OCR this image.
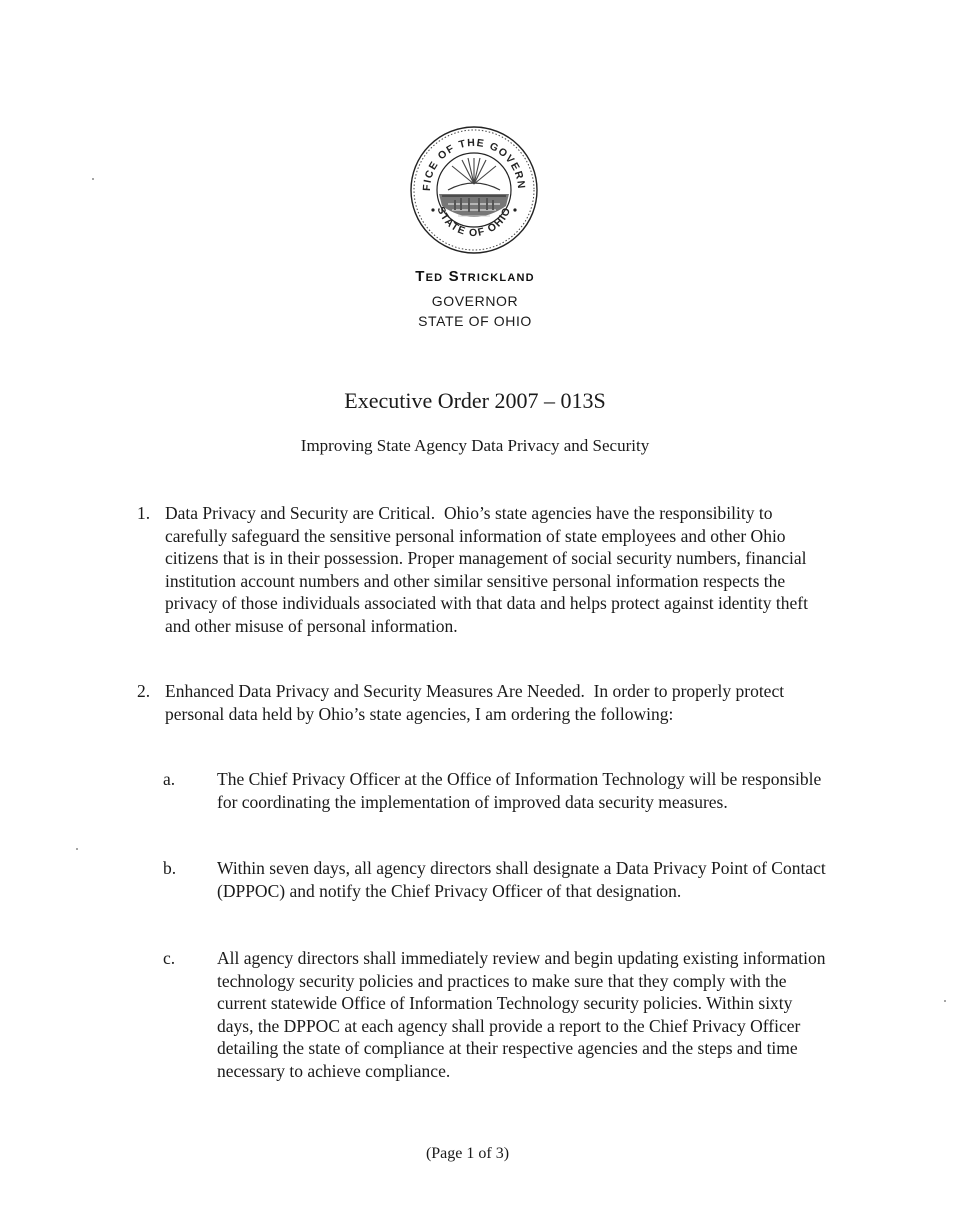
FICE OF THE GOVERN
STATE OF OHIO
Ted Strickland
GOVERNOR
STATE OF OHIO
Executive Order 2007 – 013S
Improving State Agency Data Privacy and Security
1. Data Privacy and Security are Critical. Ohio’s state agencies have the responsibility to carefully safeguard the sensitive personal information of state employees and other Ohio citizens that is in their possession. Proper management of social security numbers, financial institution account numbers and other similar sensitive personal information respects the privacy of those individuals associated with that data and helps protect against identity theft and other misuse of personal information.
2. Enhanced Data Privacy and Security Measures Are Needed. In order to properly protect personal data held by Ohio’s state agencies, I am ordering the following:
a. The Chief Privacy Officer at the Office of Information Technology will be responsible for coordinating the implementation of improved data security measures.
b. Within seven days, all agency directors shall designate a Data Privacy Point of Contact (DPPOC) and notify the Chief Privacy Officer of that designation.
c. All agency directors shall immediately review and begin updating existing information technology security policies and practices to make sure that they comply with the current statewide Office of Information Technology security policies. Within sixty days, the DPPOC at each agency shall provide a report to the Chief Privacy Officer detailing the state of compliance at their respective agencies and the steps and time necessary to achieve compliance.
(Page 1 of 3)
